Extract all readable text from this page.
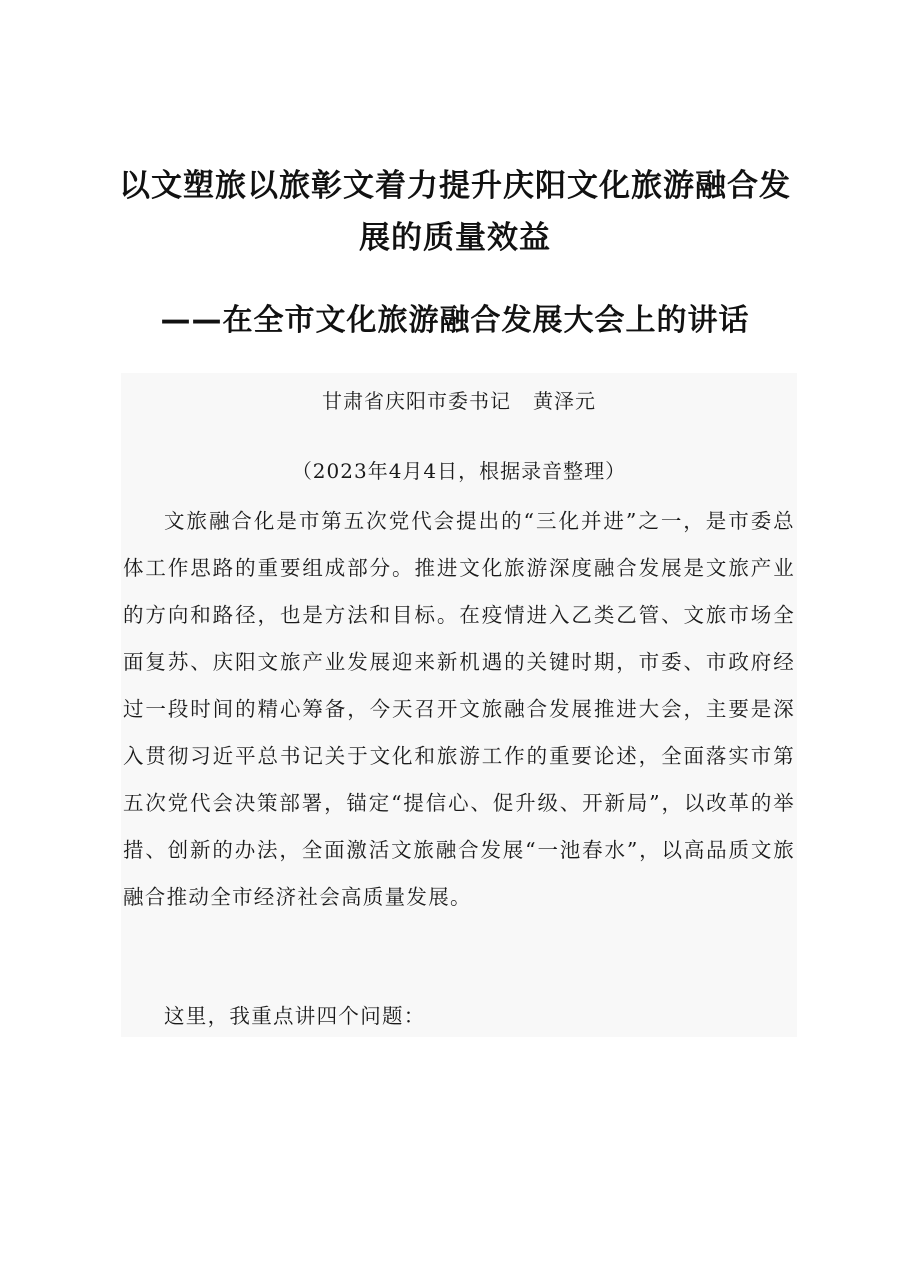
以文塑旅以旅彰文着力提升庆阳文化旅游融合发展的质量效益
——在全市文化旅游融合发展大会上的讲话

甘肃省庆阳市委书记 黄泽元

（2023年4月4日，根据录音整理）

文旅融合化是市第五次党代会提出的“三化并进”之一，是市委总体工作思路的重要组成部分。推进文化旅游深度融合发展是文旅产业的方向和路径，也是方法和目标。在疫情进入乙类乙管、文旅市场全面复苏、庆阳文旅产业发展迎来新机遇的关键时期，市委、市政府经过一段时间的精心筹备，今天召开文旅融合发展推进大会，主要是深入贯彻习近平总书记关于文化和旅游工作的重要论述，全面落实市第五次党代会决策部署，锚定“提信心、促升级、开新局”，以改革的举措、创新的办法，全面激活文旅融合发展“一池春水”，以高品质文旅融合推动全市经济社会高质量发展。

这里，我重点讲四个问题：
